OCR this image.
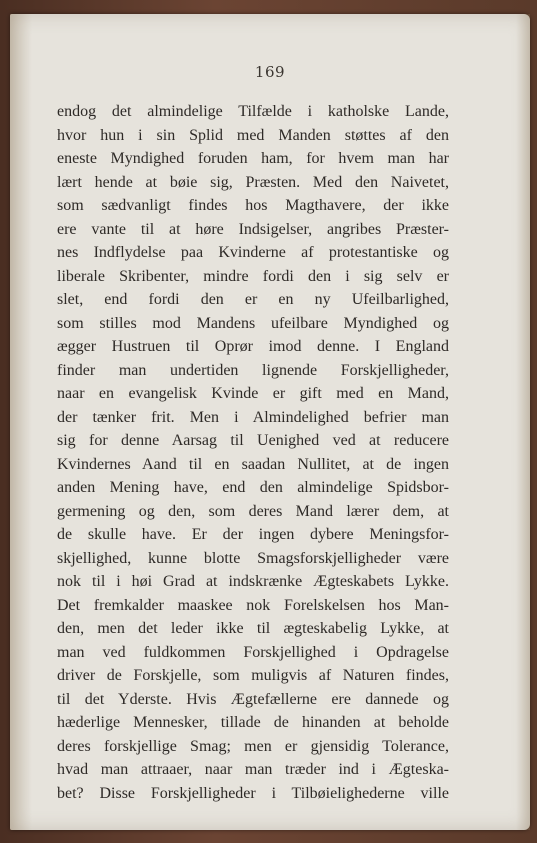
169
endog det almindelige Tilfælde i katholske Lande,
hvor hun i sin Splid med Manden støttes af den
eneste Myndighed foruden ham, for hvem man har
lært hende at bøie sig, Præsten. Med den Naivetet,
som sædvanligt findes hos Magthavere, der ikke
ere vante til at høre Indsigelser, angribes Præster-
nes Indflydelse paa Kvinderne af protestantiske og
liberale Skribenter, mindre fordi den i sig selv er
slet, end fordi den er en ny Ufeilbarlighed,
som stilles mod Mandens ufeilbare Myndighed og
ægger Hustruen til Oprør imod denne. I England
finder man undertiden lignende Forskjelligheder,
naar en evangelisk Kvinde er gift med en Mand,
der tænker frit. Men i Almindelighed befrier man
sig for denne Aarsag til Uenighed ved at reducere
Kvindernes Aand til en saadan Nullitet, at de ingen
anden Mening have, end den almindelige Spidsbor-
germening og den, som deres Mand lærer dem, at
de skulle have. Er der ingen dybere Meningsfor-
skjellighed, kunne blotte Smagsforskjelligheder være
nok til i høi Grad at indskrænke Ægteskabets Lykke.
Det fremkalder maaskee nok Forelskelsen hos Man-
den, men det leder ikke til ægteskabelig Lykke, at
man ved fuldkommen Forskjellighed i Opdragelse
driver de Forskjelle, som muligvis af Naturen findes,
til det Yderste. Hvis Ægtefællerne ere dannede og
hæderlige Mennesker, tillade de hinanden at beholde
deres forskjellige Smag; men er gjensidig Tolerance,
hvad man attraaer, naar man træder ind i Ægteska-
bet? Disse Forskjelligheder i Tilbøielighederne ville
